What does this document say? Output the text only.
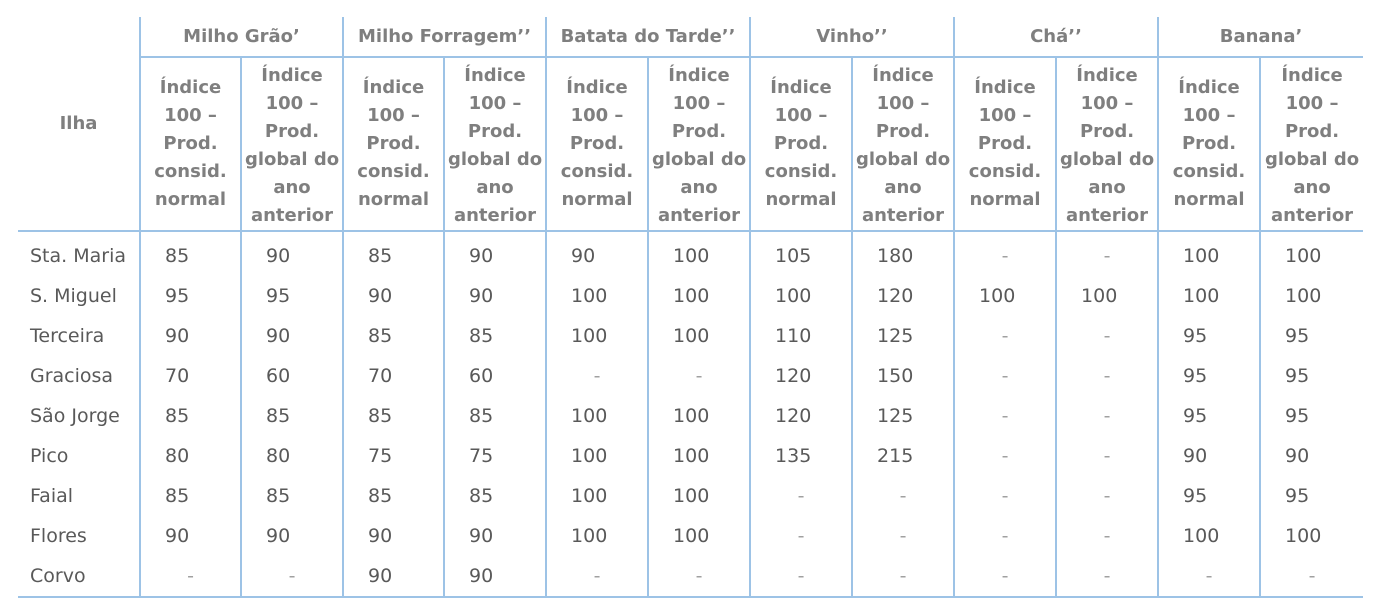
Ilha	Milho Grão’		Milho Forragem’’		Batata do Tarde’’		Vinho’’		Chá’’		Banana’	
	Índice 100 – Prod. consid. normal	Índice 100 – Prod. global do ano anterior	Índice 100 – Prod. consid. normal	Índice 100 – Prod. global do ano anterior	Índice 100 – Prod. consid. normal	Índice 100 – Prod. global do ano anterior	Índice 100 – Prod. consid. normal	Índice 100 – Prod. global do ano anterior	Índice 100 – Prod. consid. normal	Índice 100 – Prod. global do ano anterior	Índice 100 – Prod. consid. normal	Índice 100 – Prod. global do ano anterior
Sta. Maria	85	90	85	90	90	100	105	180	-	-	100	100
S. Miguel	95	95	90	90	100	100	100	120	100	100	100	100
Terceira	90	90	85	85	100	100	110	125	-	-	95	95
Graciosa	70	60	70	60	-	-	120	150	-	-	95	95
São Jorge	85	85	85	85	100	100	120	125	-	-	95	95
Pico	80	80	75	75	100	100	135	215	-	-	90	90
Faial	85	85	85	85	100	100	-	-	-	-	95	95
Flores	90	90	90	90	100	100	-	-	-	-	100	100
Corvo	-	-	90	90	-	-	-	-	-	-	-	-
